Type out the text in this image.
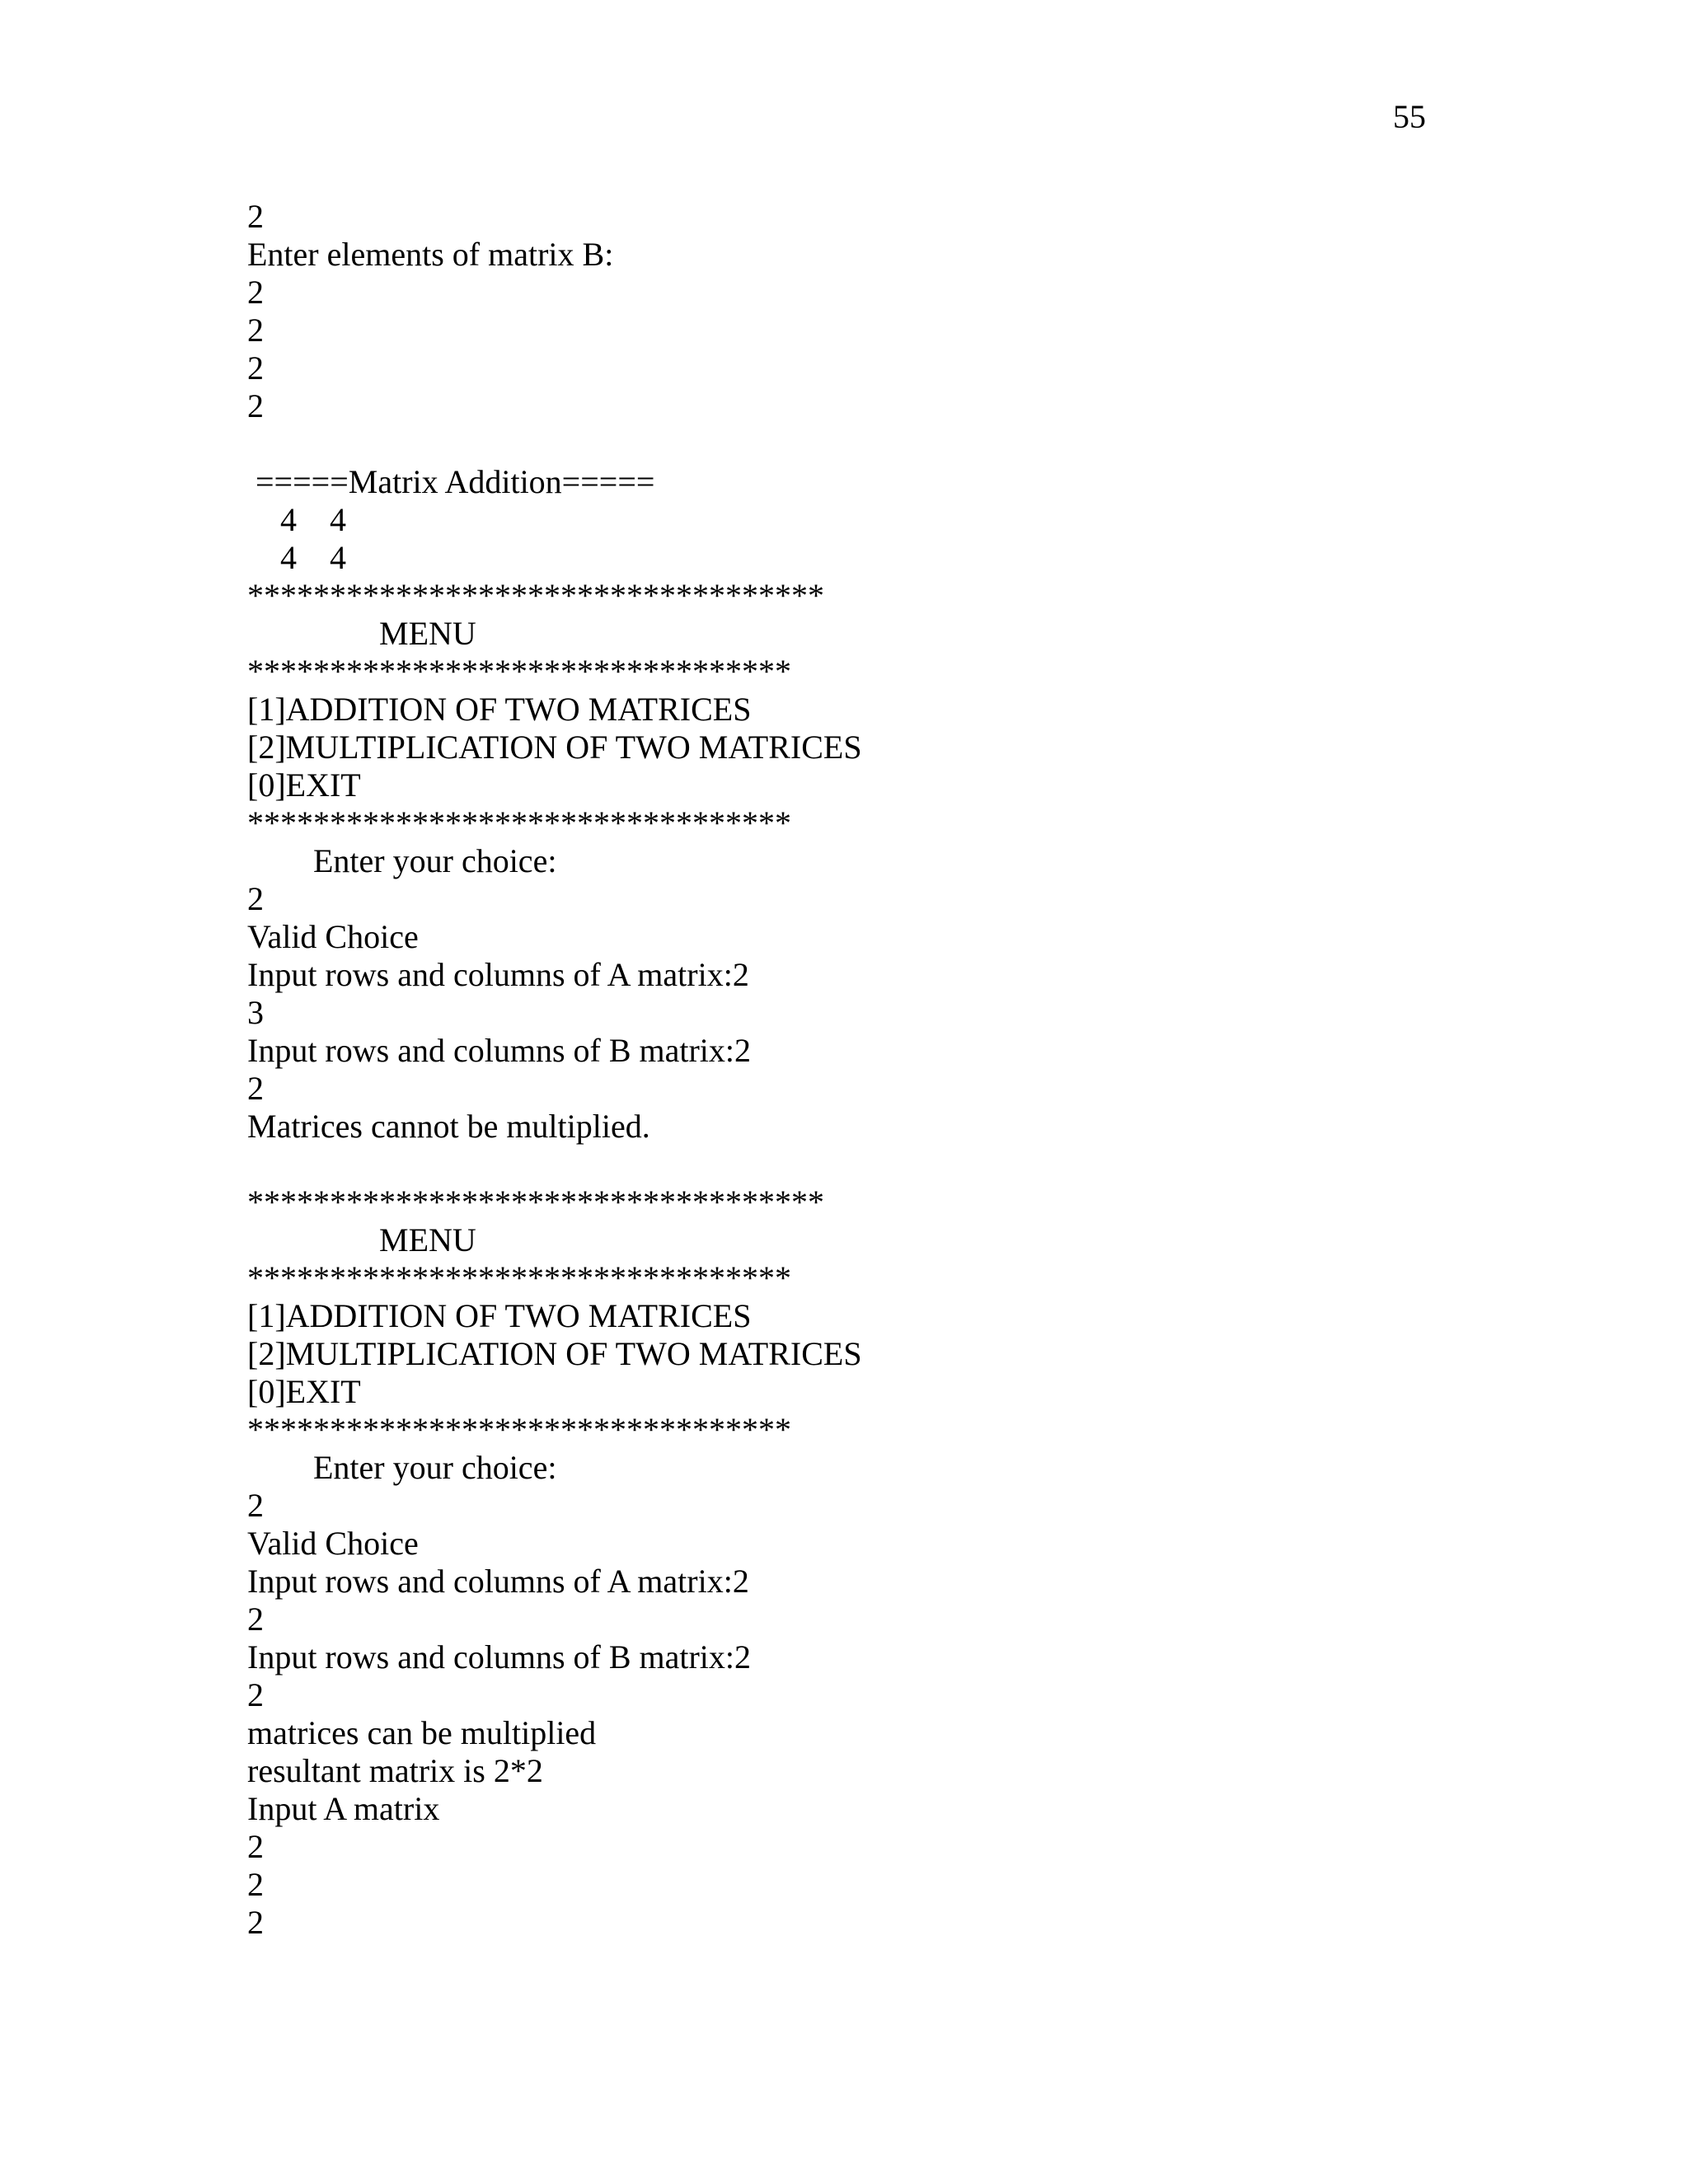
55
2
Enter elements of matrix B:
2
2
2
2
=====Matrix Addition=====
4    4
4    4
***********************************
MENU
*********************************
[1]ADDITION OF TWO MATRICES
[2]MULTIPLICATION OF TWO MATRICES
[0]EXIT
*********************************
Enter your choice:
2
Valid Choice
Input rows and columns of A matrix:2
3
Input rows and columns of B matrix:2
2
Matrices cannot be multiplied.
***********************************
MENU
*********************************
[1]ADDITION OF TWO MATRICES
[2]MULTIPLICATION OF TWO MATRICES
[0]EXIT
*********************************
Enter your choice:
2
Valid Choice
Input rows and columns of A matrix:2
2
Input rows and columns of B matrix:2
2
matrices can be multiplied
resultant matrix is 2*2
Input A matrix
2
2
2
